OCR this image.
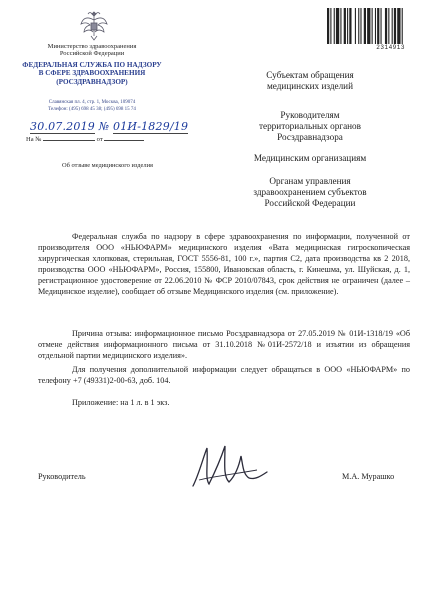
Министерство здравоохранения
Российской Федерации
ФЕДЕРАЛЬНАЯ СЛУЖБА ПО НАДЗОРУ
В СФЕРЕ ЗДРАВООХРАНЕНИЯ
(РОСЗДРАВНАДЗОР)
Славянская пл. 4, стр. 1, Москва, 109074
Телефон: (495) 698 45 38; (495) 698 15 74
30.07.2019 № 01И-1829/19
На №	от
Об отзыве медицинского изделия
2314913
Субъектам обращения медицинских изделий
Руководителям территориальных органов Росздравнадзора
Медицинским организациям
Органам управления здравоохранением субъектов Российской Федерации

Федеральная служба по надзору в сфере здравоохранения по информации, полученной от производителя ООО «НЬЮФАРМ» медицинского изделия «Вата медицинская гигроскопическая хирургическая хлопковая, стерильная, ГОСТ 5556-81, 100 г.», партия С2, дата производства кв 2 2018, производства ООО «НЬЮФАРМ», Россия, 155800, Ивановская область, г. Кинешма, ул. Шуйская, д. 1, регистрационное удостоверение от 22.06.2010 № ФСР 2010/07843, срок действия не ограничен (далее – Медицинское изделие), сообщает об отзыве Медицинского изделия (см. приложение).

Причина отзыва: информационное письмо Росздравнадзора от 27.05.2019 № 01И-1318/19 «Об отмене действия информационного письма от 31.10.2018 №01И-2572/18 и изъятии из обращения отдельной партии медицинского изделия».

Для получения дополнительной информации следует обращаться в ООО «НЬЮФАРМ» по телефону +7 (49331)2-00-63, доб. 104.

Приложение: на 1 л. в 1 экз.
Руководитель	М.А. Мурашко
